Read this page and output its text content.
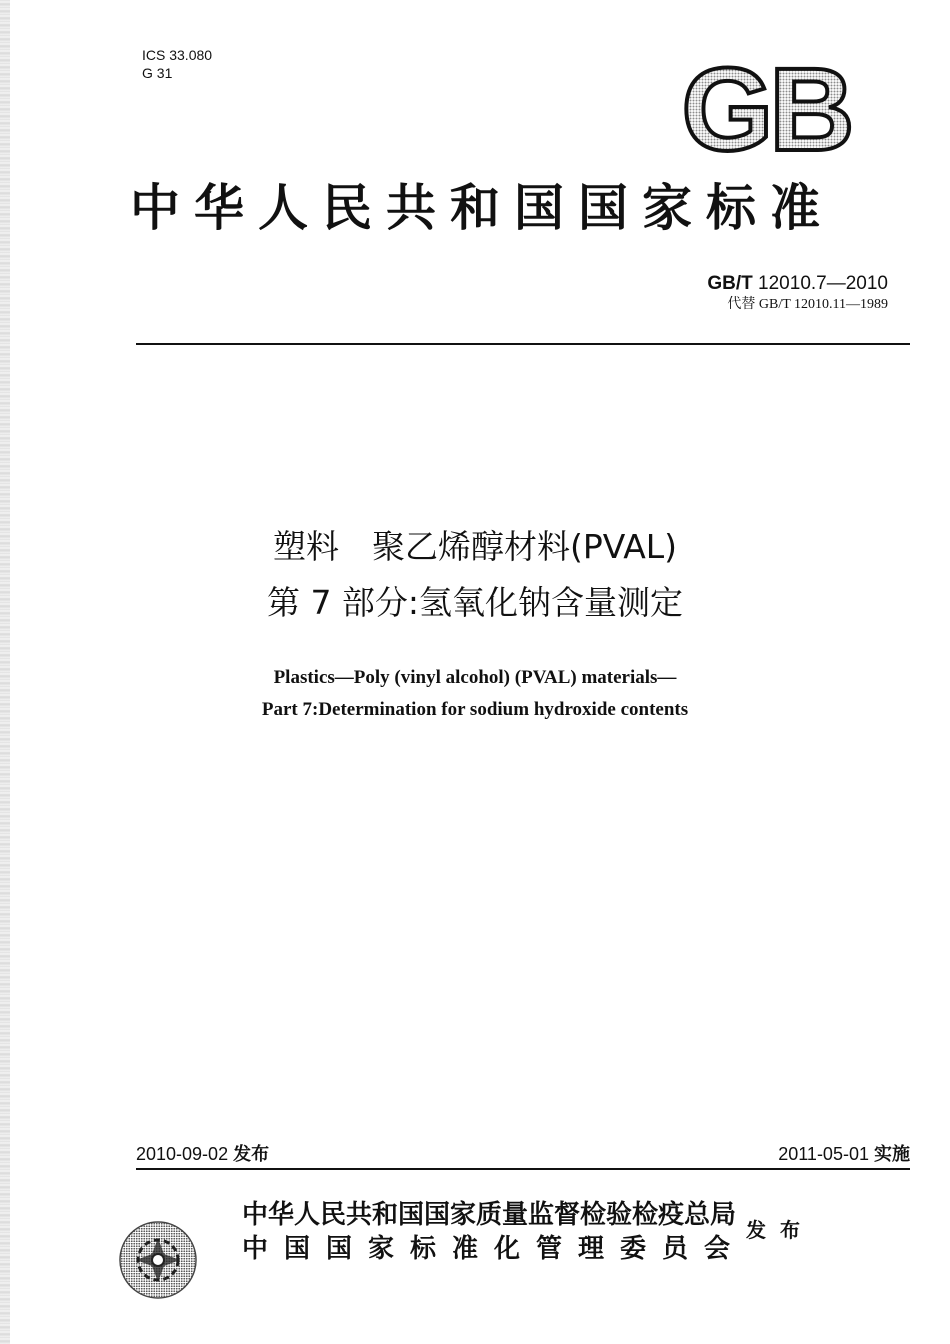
ICS 33.080
G 31	GB
中华人民共和国国家标准
GB/T 12010.7—2010
代替 GB/T 12010.11—1989
塑料　聚乙烯醇材料(PVAL)
第 7 部分:氢氧化钠含量测定
Plastics—Poly (vinyl alcohol) (PVAL) materials—
Part 7:Determination for sodium hydroxide contents
2010-09-02 发布	2011-05-01 实施
中华人民共和国国家质量监督检验检疫总局
中国国家标准化管理委员会
发布
